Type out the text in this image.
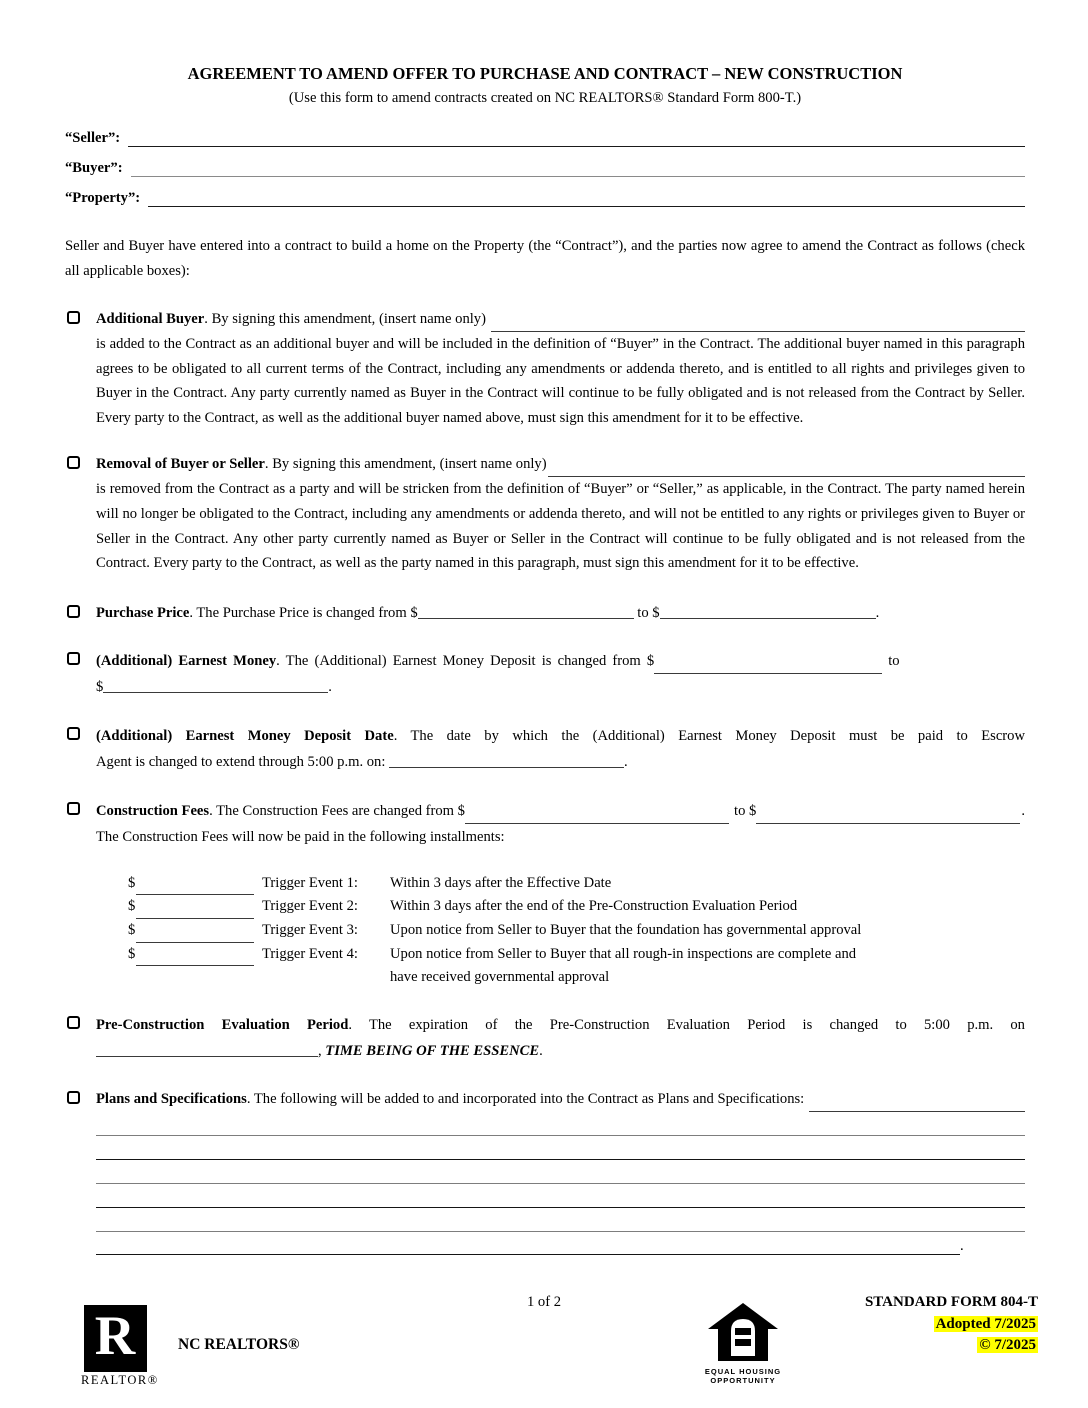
AGREEMENT TO AMEND OFFER TO PURCHASE AND CONTRACT – NEW CONSTRUCTION
(Use this form to amend contracts created on NC REALTORS® Standard Form 800-T.)
“Seller”:
“Buyer”:
“Property”:

Seller and Buyer have entered into a contract to build a home on the Property (the “Contract”), and the parties now agree to amend the Contract as follows (check all applicable boxes):

Additional Buyer . By signing this amendment, (insert name only)

is added to the Contract as an additional buyer and will be included in the definition of “Buyer” in the Contract. The additional buyer named in this paragraph agrees to be obligated to all current terms of the Contract, including any amendments or addenda thereto, and is entitled to all rights and privileges given to Buyer in the Contract. Any party currently named as Buyer in the Contract will continue to be fully obligated and is not released from the Contract by Seller. Every party to the Contract, as well as the additional buyer named above, must sign this amendment for it to be effective.

Removal of Buyer or Seller . By signing this amendment, (insert name only)

is removed from the Contract as a party and will be stricken from the definition of “Buyer” or “Seller,” as applicable, in the Contract. The party named herein will no longer be obligated to the Contract, including any amendments or addenda thereto, and will not be entitled to any rights or privileges given to Buyer or Seller in the Contract. Any other party currently named as Buyer or Seller in the Contract will continue to be fully obligated and is not released from the Contract. Every party to the Contract, as well as the party named in this paragraph, must sign this amendment for it to be effective.

Purchase Price. The Purchase Price is changed from $	to $	.
(Additional) Earnest Money . The (Additional) Earnest Money Deposit is changed from $	to
$	.
(Additional) Earnest Money Deposit Date. The date by which the (Additional) Earnest Money Deposit must be paid to Escrow
Agent is changed to extend through 5:00 p.m. on:	.
Construction Fees . The Construction Fees are changed from $	to $	.
The Construction Fees will now be paid in the following installments:
$	Trigger Event 1:	Within 3 days after the Effective Date
$	Trigger Event 2:	Within 3 days after the end of the Pre-Construction Evaluation Period
$	Trigger Event 3:	Upon notice from Seller to Buyer that the foundation has governmental approval
$	Trigger Event 4:	Upon notice from Seller to Buyer that all rough-in inspections are complete and
have received governmental approval
Pre-Construction Evaluation Period. The expiration of the Pre-Construction Evaluation Period is changed to 5:00 p.m. on
, TIME BEING OF THE ESSENCE.
Plans and Specifications . The following will be added to and incorporated into the Contract as Plans and Specifications:
.
1 of 2
R
REALTOR®
NC REALTORS®
EQUAL HOUSING
OPPORTUNITY
STANDARD FORM 804-T
Adopted 7/2025
© 7/2025
